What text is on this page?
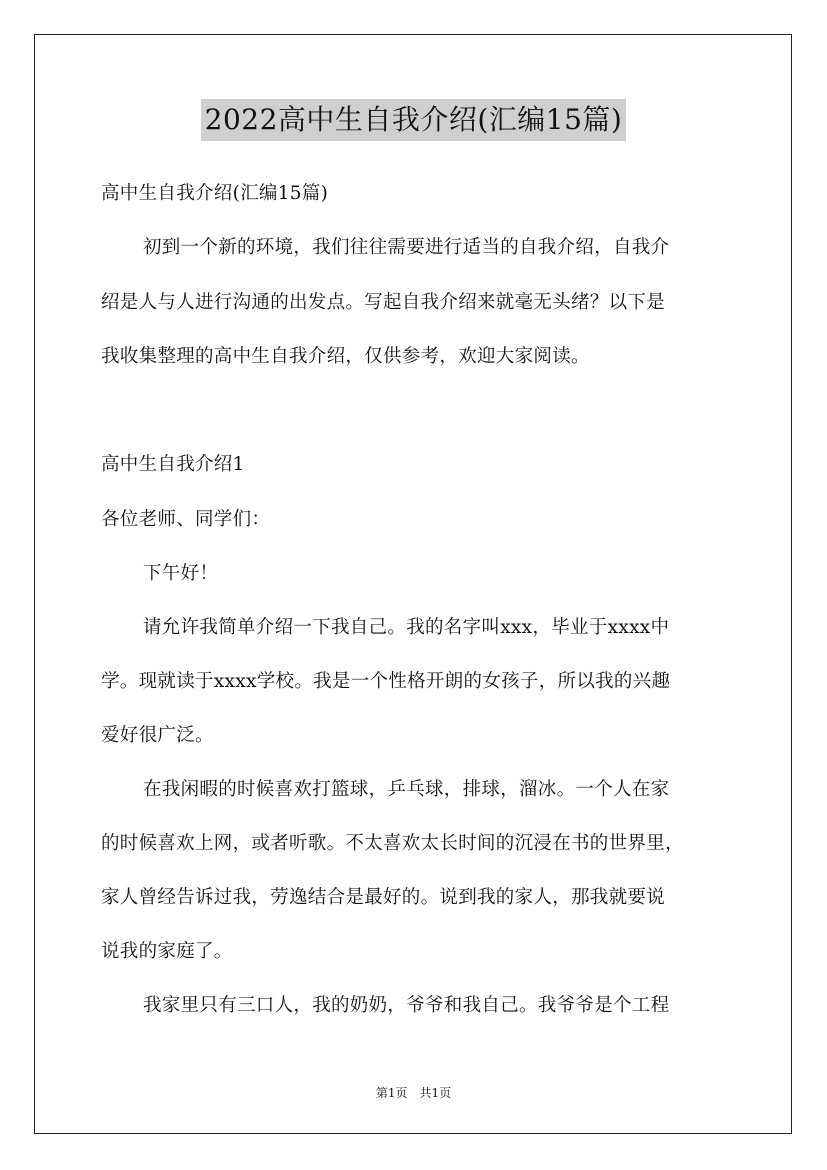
2022高中生自我介绍(汇编15篇)
高中生自我介绍(汇编15篇)
初到一个新的环境，我们往往需要进行适当的自我介绍，自我介
绍是人与人进行沟通的出发点。写起自我介绍来就毫无头绪？以下是
我收集整理的高中生自我介绍，仅供参考，欢迎大家阅读。
高中生自我介绍1
各位老师、同学们：
下午好！
请允许我简单介绍一下我自己。我的名字叫xxx，毕业于xxxx中
学。现就读于xxxx学校。我是一个性格开朗的女孩子，所以我的兴趣
爱好很广泛。
在我闲暇的时候喜欢打篮球，乒乓球，排球，溜冰。一个人在家
的时候喜欢上网，或者听歌。不太喜欢太长时间的沉浸在书的世界里，
家人曾经告诉过我，劳逸结合是最好的。说到我的家人，那我就要说
说我的家庭了。
我家里只有三口人，我的奶奶，爷爷和我自己。我爷爷是个工程
第1页 共1页
